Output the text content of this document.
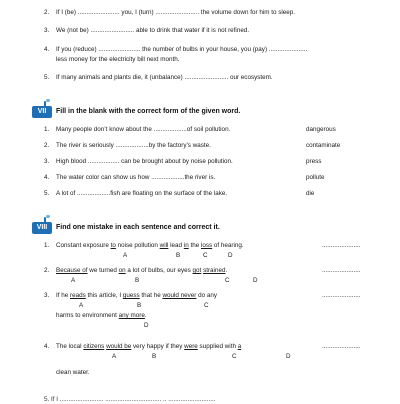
2. If I (be) ........................ you, I (turn) ......................... the volume down for him to sleep.
3. We (not be) ......................... able to drink that water if it is not refined.
4. If you (reduce) ........................ the number of bulbs in your house, you (pay) ......................
less money for the electricity bill next month.
5. If many animals and plants die, it (unbalance) ......................... our ecosystem.
VII	Fill in the blank with the correct form of the given word.
1. Many people don’t know about the ...................of soil pollution.	dangerous
2. The river is seriously ...................by the factory’s waste.	contaminate
3. High blood .................. can be brought about by noise pollution.	press
4. The water color can show us how ...................the river is.	pollute
5. A lot of ...................fish are floating on the surface of the lake.	die
VIII	Find one mistake in each sentence and correct it.
1. Constant exposure to noise pollution will lead in the loss of hearing.	......................
A	B	C	D
2. Because of we turned on a lot of bulbs, our eyes got strained.	......................
A	B	C	D
3. If he reads this article, I guess that he would never do any	......................
A	B	C
harms to environment any more.
D
4. The local citizens would be very happy if they were supplied with a	......................
A	B	C	D
clean water.
5. If I ......................... ................................ .. ...........................
